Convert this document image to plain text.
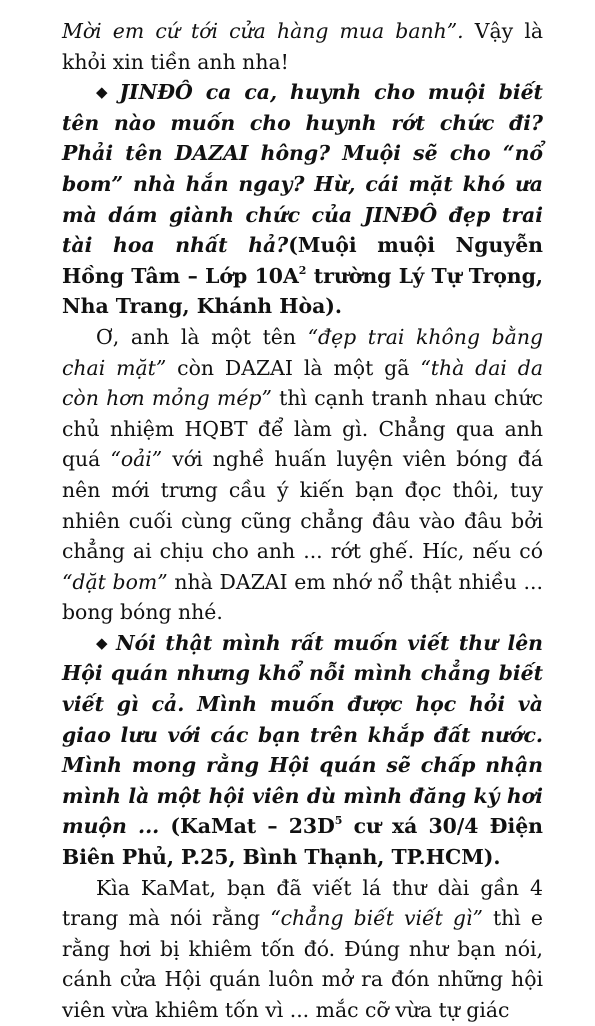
Mời em cứ tới cửa hàng mua banh”. Vậy là khỏi xin tiền anh nha!

◆ JINĐÔ ca ca, huynh cho muội biết tên nào muốn cho huynh rớt chức đi? Phải tên DAZAI hông? Muội sẽ cho “nổ bom” nhà hắn ngay? Hừ, cái mặt khó ưa mà dám giành chức của JINĐÔ đẹp trai tài hoa nhất hả?(Muội muội Nguyễn Hồng Tâm – Lớp $10A^2$ trường Lý Tự Trọng, Nha Trang, Khánh Hòa).

Ơ, anh là một tên “đẹp trai không bằng chai mặt” còn DAZAI là một gã “thà dai da còn hơn mỏng mép” thì cạnh tranh nhau chức chủ nhiệm HQBT để làm gì. Chẳng qua anh quá “oải” với nghề huấn luyện viên bóng đá nên mới trưng cầu ý kiến bạn đọc thôi, tuy nhiên cuối cùng cũng chẳng đâu vào đâu bởi chẳng ai chịu cho anh ... rớt ghế. Híc, nếu có “dặt bom” nhà DAZAI em nhớ nổ thật nhiều ... bong bóng nhé.

◆ Nói thật mình rất muốn viết thư lên Hội quán nhưng khổ nỗi mình chẳng biết viết gì cả. Mình muốn được học hỏi và giao lưu với các bạn trên khắp đất nước. Mình mong rằng Hội quán sẽ chấp nhận mình là một hội viên dù mình đăng ký hơi muộn ... (KaMat – $23D^5$ cư xá 30/4 Điện Biên Phủ, P.25, Bình Thạnh, TP.HCM).

Kìa KaMat, bạn đã viết lá thư dài gần 4 trang mà nói rằng “chẳng biết viết gì” thì e rằng hơi bị khiêm tốn đó. Đúng như bạn nói, cánh cửa Hội quán luôn mở ra đón những hội viên vừa khiêm tốn vì ... mắc cỡ vừa tự giác
